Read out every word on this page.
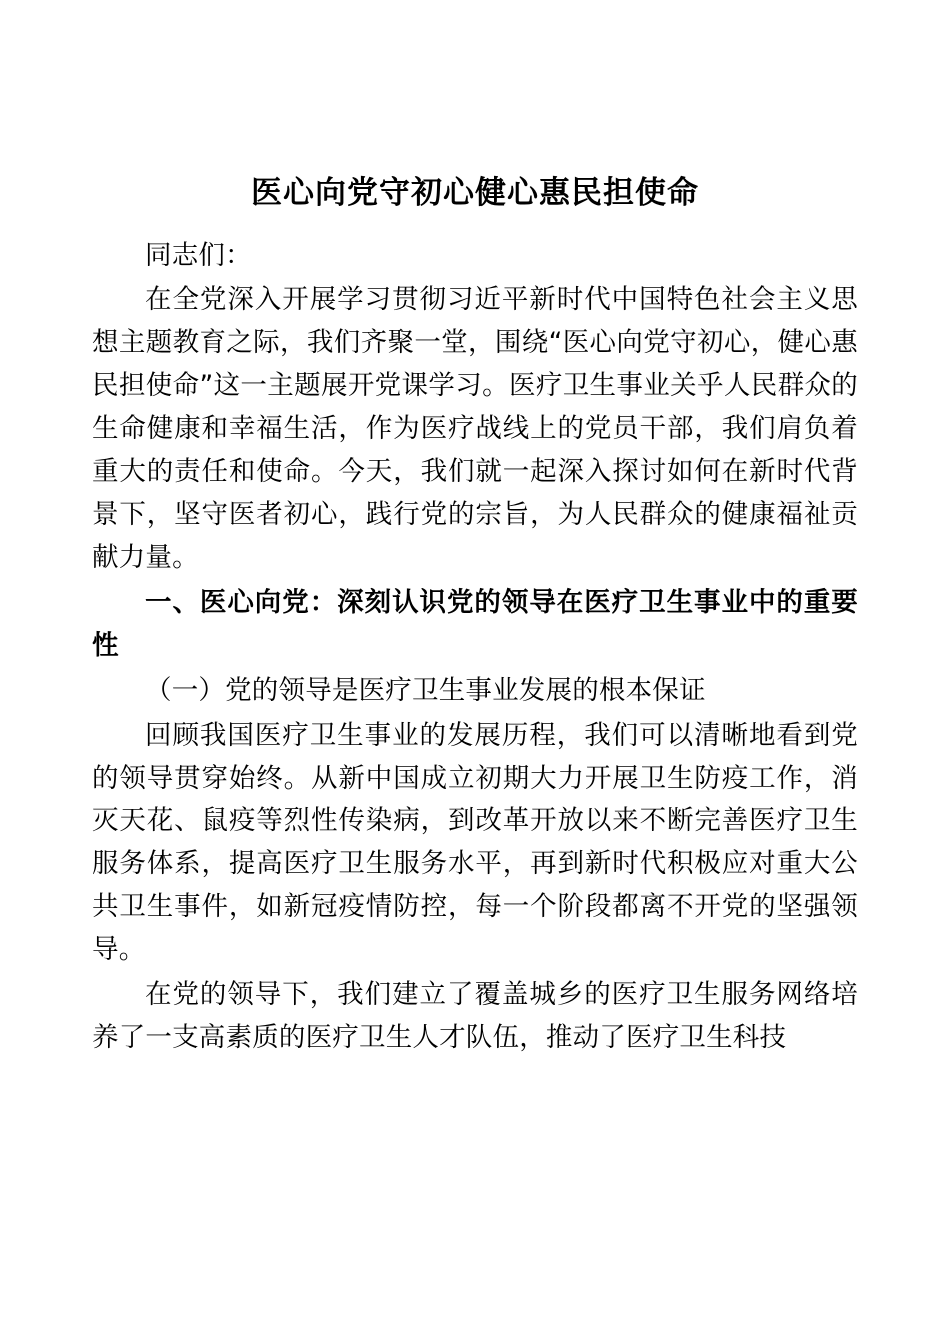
医心向党守初心健心惠民担使命

同志们：

在全党深入开展学习贯彻习近平新时代中国特色社会主义思想主题教育之际，我们齐聚一堂，围绕“医心向党守初心，健心惠民担使命”这一主题展开党课学习。医疗卫生事业关乎人民群众的生命健康和幸福生活，作为医疗战线上的党员干部，我们肩负着重大的责任和使命。今天，我们就一起深入探讨如何在新时代背景下，坚守医者初心，践行党的宗旨，为人民群众的健康福祉贡献力量。

一、医心向党：深刻认识党的领导在医疗卫生事业中的重要性

（一）党的领导是医疗卫生事业发展的根本保证

回顾我国医疗卫生事业的发展历程，我们可以清晰地看到党的领导贯穿始终。从新中国成立初期大力开展卫生防疫工作，消灭天花、鼠疫等烈性传染病，到改革开放以来不断完善医疗卫生服务体系，提高医疗卫生服务水平，再到新时代积极应对重大公共卫生事件，如新冠疫情防控，每一个阶段都离不开党的坚强领导。

在党的领导下，我们建立了覆盖城乡的医疗卫生服务网络培养了一支高素质的医疗卫生人才队伍，推动了医疗卫生科技
